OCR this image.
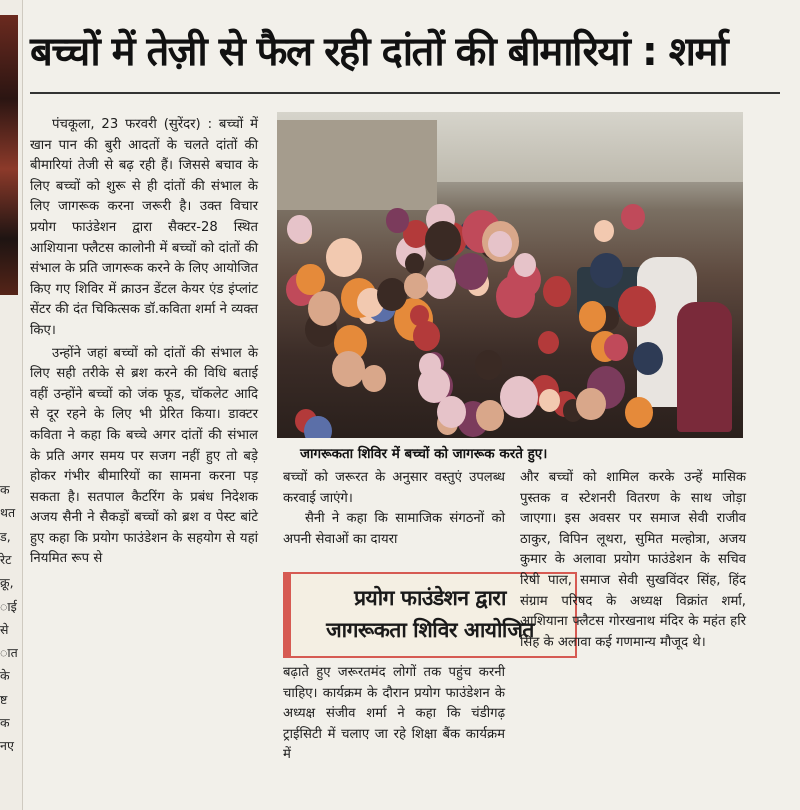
क
थत
ड,
रेट
क्रू,
ाई
से
ात
के
ष्ट
क
नए
बच्चों में तेज़ी से फैल रही दांतों की बीमारियां : शर्मा

पंचकूला, 23 फरवरी (सुरेंदर) : बच्चों में खान पान की बुरी आदतों के चलते दांतों की बीमारियां तेजी से बढ़ रही हैं। जिससे बचाव के लिए बच्चों को शुरू से ही दांतों की संभाल के लिए जागरूक करना जरूरी है। उक्त विचार प्रयोग फाउंडेशन द्वारा सैक्टर-28 स्थित आशियाना फ्लैटस कालोनी में बच्चों को दांतों की संभाल के प्रति जागरूक करने के लिए आयोजित किए गए शिविर में क्राउन डेंटल केयर एंड इंप्लांट सेंटर की दंत चिकित्सक डॉ.कविता शर्मा ने व्यक्त किए।

उन्होंने जहां बच्चों को दांतों की संभाल के लिए सही तरीके से ब्रश करने की विधि बताई वहीं उन्होंने बच्चों को जंक फूड, चॉकलेट आदि से दूर रहने के लिए भी प्रेरित किया। डाक्टर कविता ने कहा कि बच्चे अगर दांतों की संभाल के प्रति अगर समय पर सजग नहीं हुए तो बड़े होकर गंभीर बीमारियों का सामना करना पड़ सकता है। सतपाल कैटरिंग के प्रबंध निदेशक अजय सैनी ने सैकड़ों बच्चों को ब्रश व पेस्ट बांटे हुए कहा कि प्रयोग फाउंडेशन के सहयोग से यहां नियमित रूप से

जागरूकता शिविर में बच्चों को जागरूक करते हुए।

बच्चों को जरूरत के अनुसार वस्तुएं उपलब्ध करवाई जाएंगे।

सैनी ने कहा कि सामाजिक संगठनों को अपनी सेवाओं का दायरा

प्रयोग फाउंडेशन द्वारा
जागरूकता शिविर आयोजित

बढ़ाते हुए जरूरतमंद लोगों तक पहुंच करनी चाहिए। कार्यक्रम के दौरान प्रयोग फाउंडेशन के अध्यक्ष संजीव शर्मा ने कहा कि चंडीगढ़ ट्राईसिटी में चलाए जा रहे शिक्षा बैंक कार्यक्रम में

और बच्चों को शामिल करके उन्हें मासिक पुस्तक व स्टेशनरी वितरण के साथ जोड़ा जाएगा। इस अवसर पर समाज सेवी राजीव ठाकुर, विपिन लूथरा, सुमित मल्होत्रा, अजय कुमार के अलावा प्रयोग फाउंडेशन के सचिव रिषी पाल, समाज सेवी सुखविंदर सिंह, हिंद संग्राम परिषद के अध्यक्ष विक्रांत शर्मा, आशियाना फ्लैटस गोरखनाथ मंदिर के महंत हरि सिंह के अलावा कई गणमान्य मौजूद थे।
